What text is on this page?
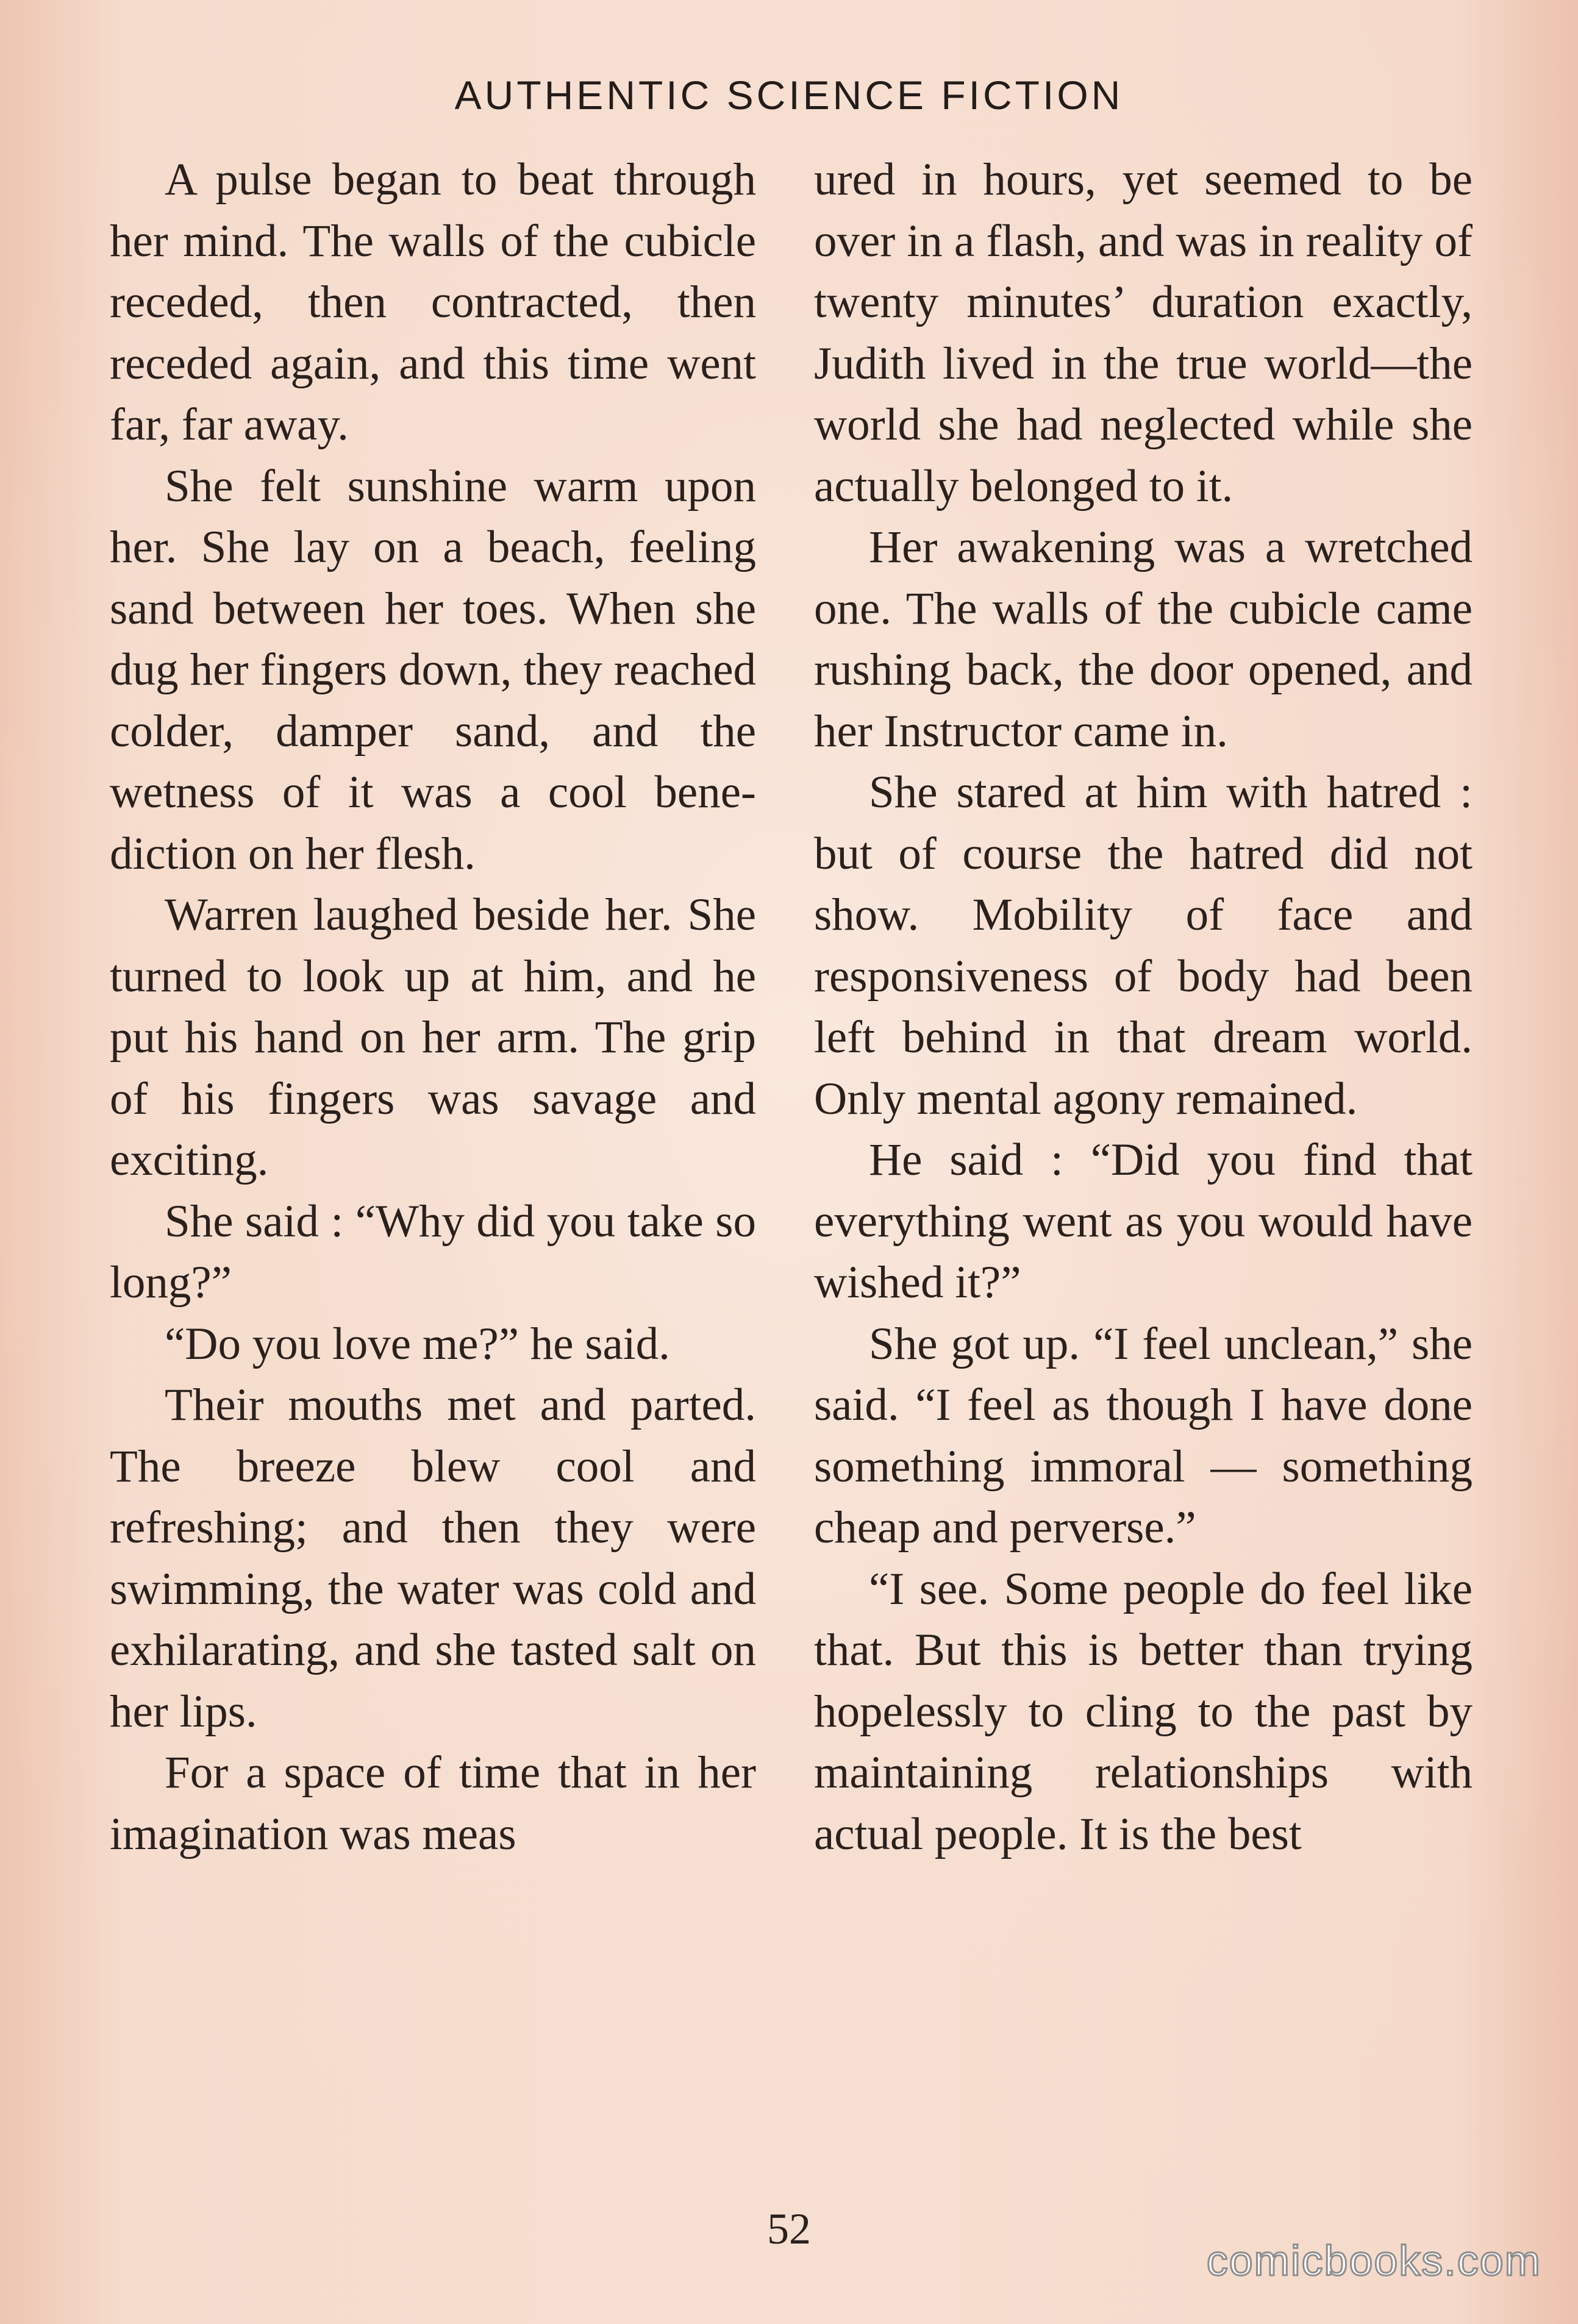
AUTHENTIC SCIENCE FICTION

A pulse began to beat through her mind. The walls of the cubicle receded, then contracted, then receded again, and this time went far, far away.

She felt sunshine warm upon her. She lay on a beach, feeling sand between her toes. When she dug her fingers down, they reached colder, damper sand, and the wetness of it was a cool benediction on her flesh.

Warren laughed beside her. She turned to look up at him, and he put his hand on her arm. The grip of his fingers was savage and exciting.

She said : “Why did you take so long?”

“Do you love me?” he said.

Their mouths met and parted. The breeze blew cool and refreshing; and then they were swimming, the water was cold and exhilarating, and she tasted salt on her lips.

For a space of time that in her imagination was meas

ured in hours, yet seemed to be over in a flash, and was in reality of twenty minutes’ duration exactly, Judith lived in the true world—the world she had neglected while she actually belonged to it.

Her awakening was a wretched one. The walls of the cubicle came rushing back, the door opened, and her Instructor came in.

She stared at him with hatred : but of course the hatred did not show. Mobility of face and responsiveness of body had been left behind in that dream world. Only mental agony remained.

He said : “Did you find that everything went as you would have wished it?”

She got up. “I feel unclean,” she said. “I feel as though I have done something immoral — something cheap and perverse.”

“I see. Some people do feel like that. But this is better than trying hopelessly to cling to the past by maintaining relationships with actual people. It is the best

52
comicbooks.com
